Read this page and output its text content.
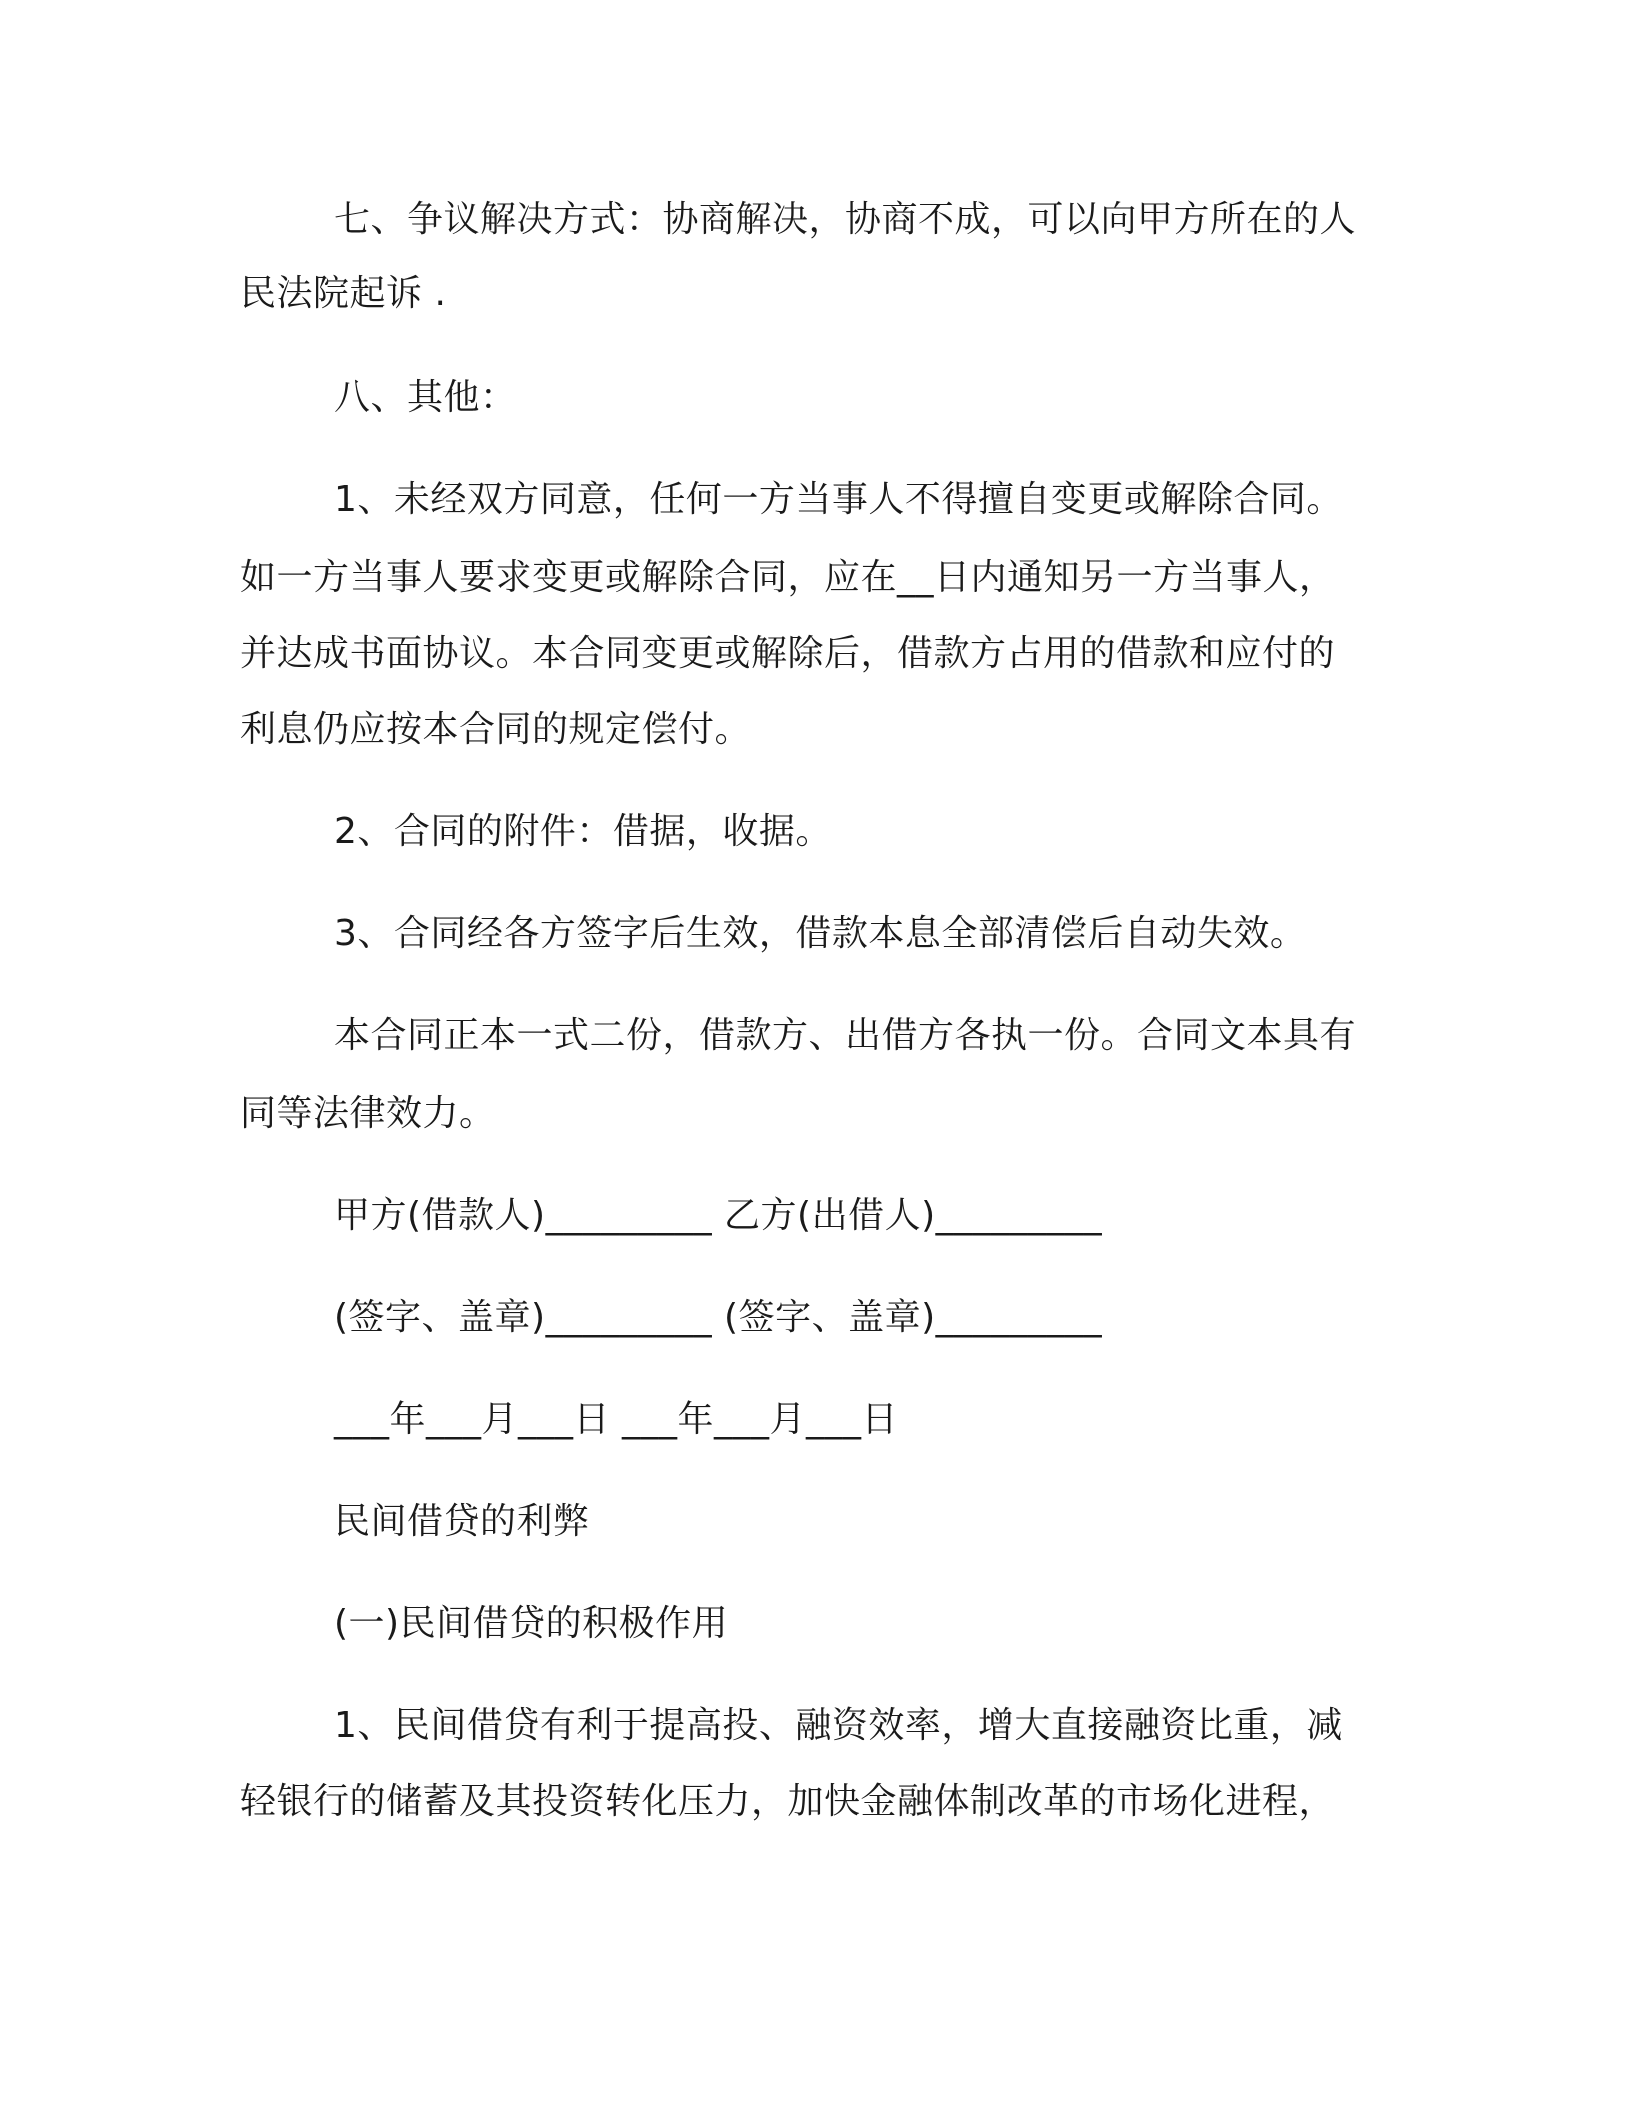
七、争议解决方式：协商解决，协商不成，可以向甲方所在的人
民法院起诉 .
八、其他：
1、未经双方同意，任何一方当事人不得擅自变更或解除合同。
如一方当事人要求变更或解除合同，应在__日内通知另一方当事人，
并达成书面协议。本合同变更或解除后，借款方占用的借款和应付的
利息仍应按本合同的规定偿付。
2、合同的附件：借据，收据。
3、合同经各方签字后生效，借款本息全部清偿后自动失效。
本合同正本一式二份，借款方、出借方各执一份。合同文本具有
同等法律效力。
甲方(借款人)_________ 乙方(出借人)_________
(签字、盖章)_________ (签字、盖章)_________
___年___月___日 ___年___月___日
民间借贷的利弊
(一)民间借贷的积极作用
1、民间借贷有利于提高投、融资效率，增大直接融资比重，减
轻银行的储蓄及其投资转化压力，加快金融体制改革的市场化进程，
